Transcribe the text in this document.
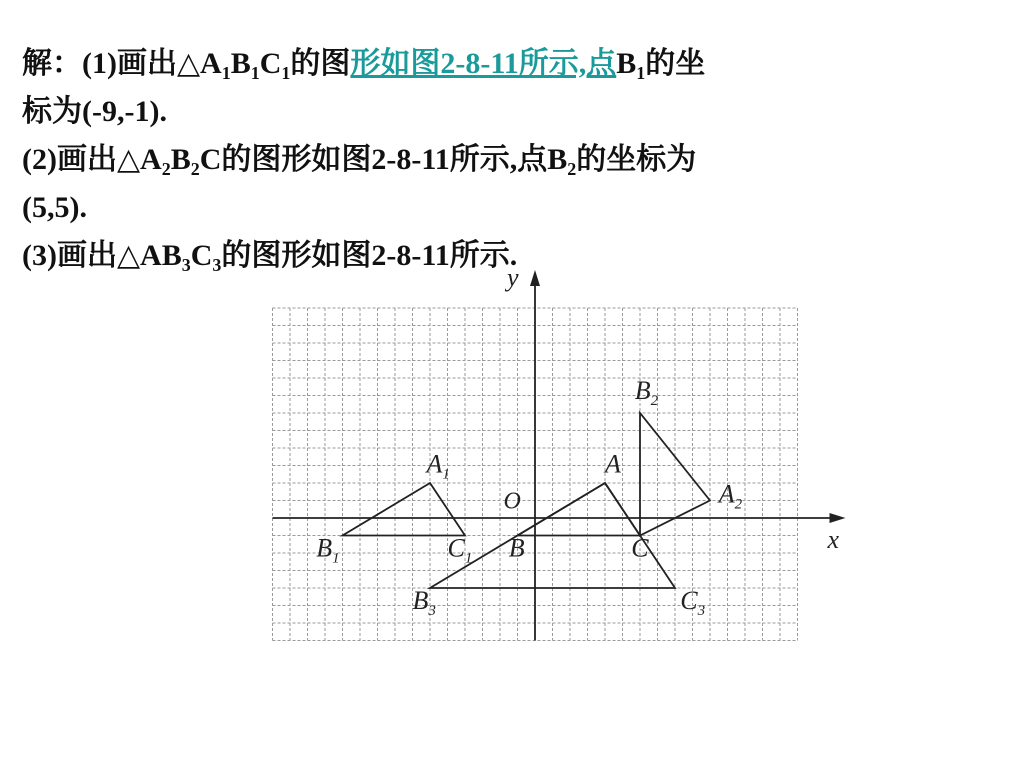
解：(1)画出$\triangle A_1B_1C_1$的图形如图2-8-11所示,点$B_1$的坐
标为(-9,-1).
(2)画出$\triangle A_2B_2C$的图形如图2-8-11所示,点$B_2$的坐标为
(5,5).
(3)画出$\triangle AB_3C_3$的图形如图2-8-11所示.
x
y
O
A
B	C
$A_1$
$B_1$	$C_1$
$A_2$
$B_2$
$B_3$	$C_3$
